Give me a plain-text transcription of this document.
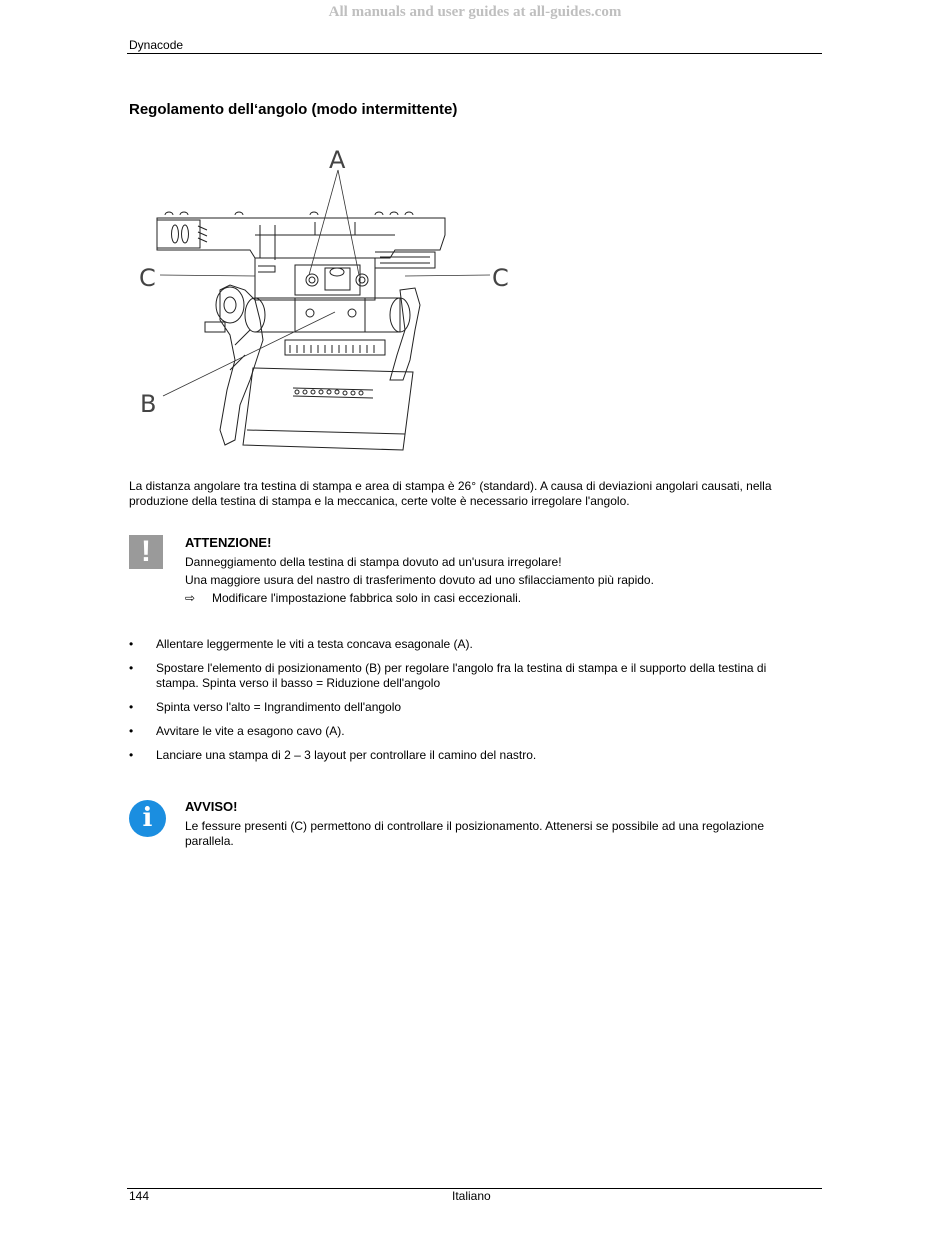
All manuals and user guides at all-guides.com
Dynacode
Regolamento dell‘angolo (modo intermittente)
A
C	C
B
La distanza angolare tra testina di stampa e area di stampa è 26° (standard). A causa di deviazioni angolari causati, nella produzione della testina di stampa e la meccanica, certe volte è necessario irregolare l'angolo.
!	ATTENZIONE!
Danneggiamento della testina di stampa dovuto ad un'usura irregolare!
Una maggiore usura del nastro di trasferimento dovuto ad uno sfilacciamento più rapido.
⇨ Modificare l'impostazione fabbrica solo in casi eccezionali.
• Allentare leggermente le viti a testa concava esagonale (A).
• Spostare l'elemento di posizionamento (B) per regolare l'angolo fra la testina di stampa e il supporto della testina di stampa. Spinta verso il basso = Riduzione dell'angolo
• Spinta verso l'alto = Ingrandimento dell'angolo
• Avvitare le vite a esagono cavo (A).
• Lanciare una stampa di 2 – 3 layout per controllare il camino del nastro.
i	AVVISO!
Le fessure presenti (C) permettono di controllare il posizionamento. Attenersi se possibile ad una regolazione parallela.
144	Italiano
